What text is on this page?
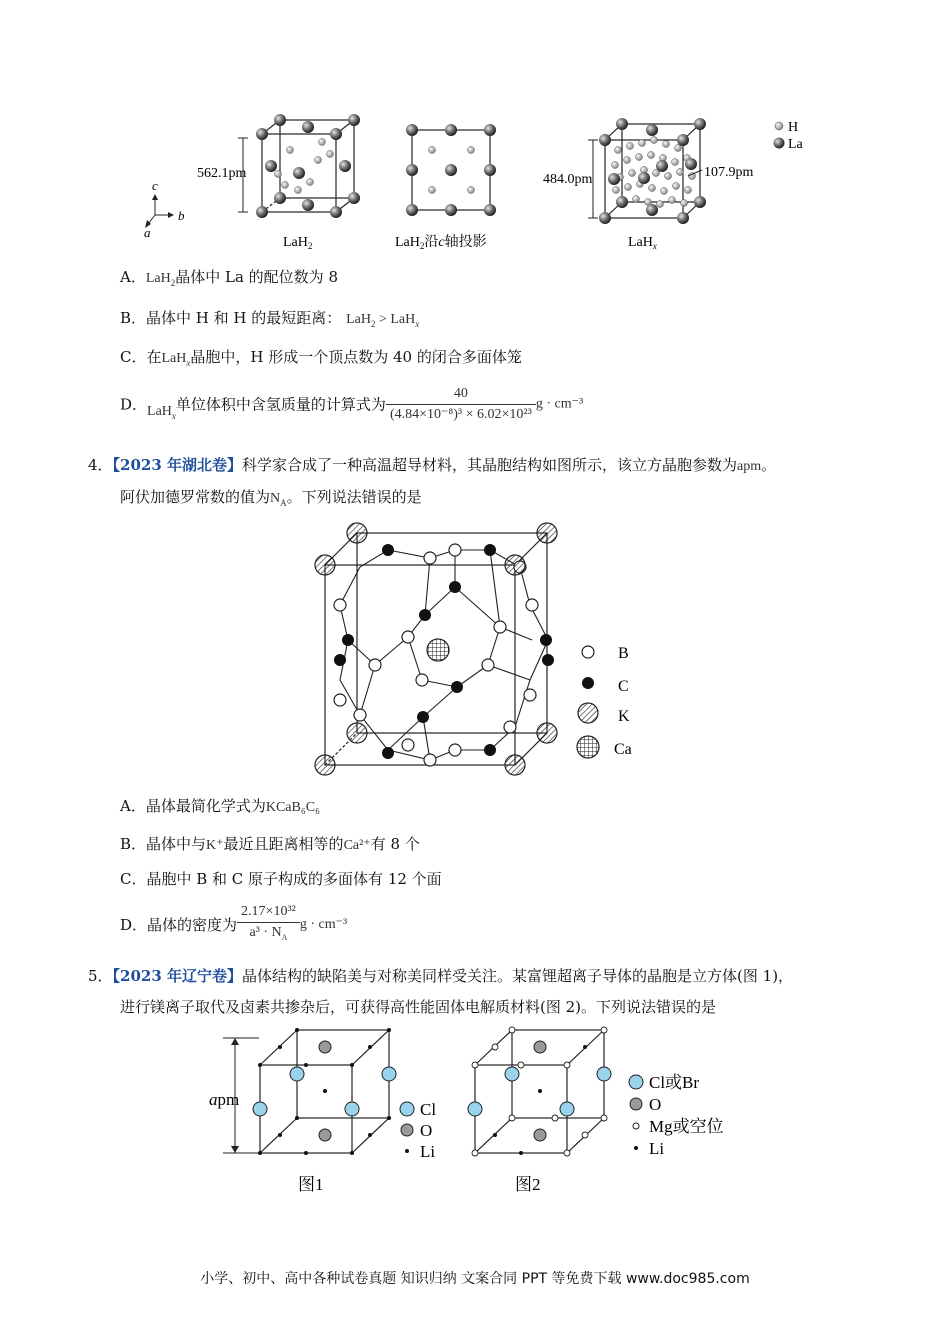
562.1pm
c
b
a
LaH$_2$	LaH$_2$沿c轴投影
484.0pm	107.9pm
LaH$_x$
H
La
A．LaH$_2$晶体中 La 的配位数为 8
B．晶体中 H 和 H 的最短距离： LaH$_2$ > LaH$_x$
C．在LaH$_x$晶胞中，H 形成一个顶点数为 40 的闭合多面体笼
D．LaH$_x$单位体积中含氢质量的计算式为 $\frac{40}{\text{(4.84×10⁻⁸)³ × 6.02×10²³}}$ g · cm⁻³
4．【2023 年湖北卷】科学家合成了一种高温超导材料，其晶胞结构如图所示，该立方晶胞参数为apm。
阿伏加德罗常数的值为$N_A$。下列说法错误的是
B
C
K
Ca
A．晶体最简化学式为KCaB₆C₆
B．晶体中与K⁺最近且距离相等的Ca²⁺有 8 个
C．晶胞中 B 和 C 原子构成的多面体有 12 个面
D．晶体的密度为 $\frac{\text{2.17×10³²}}{a^3 \cdot N_A}$ g · cm⁻³
5．【2023 年辽宁卷】晶体结构的缺陷美与对称美同样受关注。某富锂超离子导体的晶胞是立方体(图 1)，
进行镁离子取代及卤素共掺杂后，可获得高性能固体电解质材料(图 2)。下列说法错误的是
apm
Cl
O
Li
图1
Cl或Br
O
Mg或空位
Li
图2
小学、初中、高中各种试卷真题 知识归纳 文案合同 PPT 等免费下载 www.doc985.com
